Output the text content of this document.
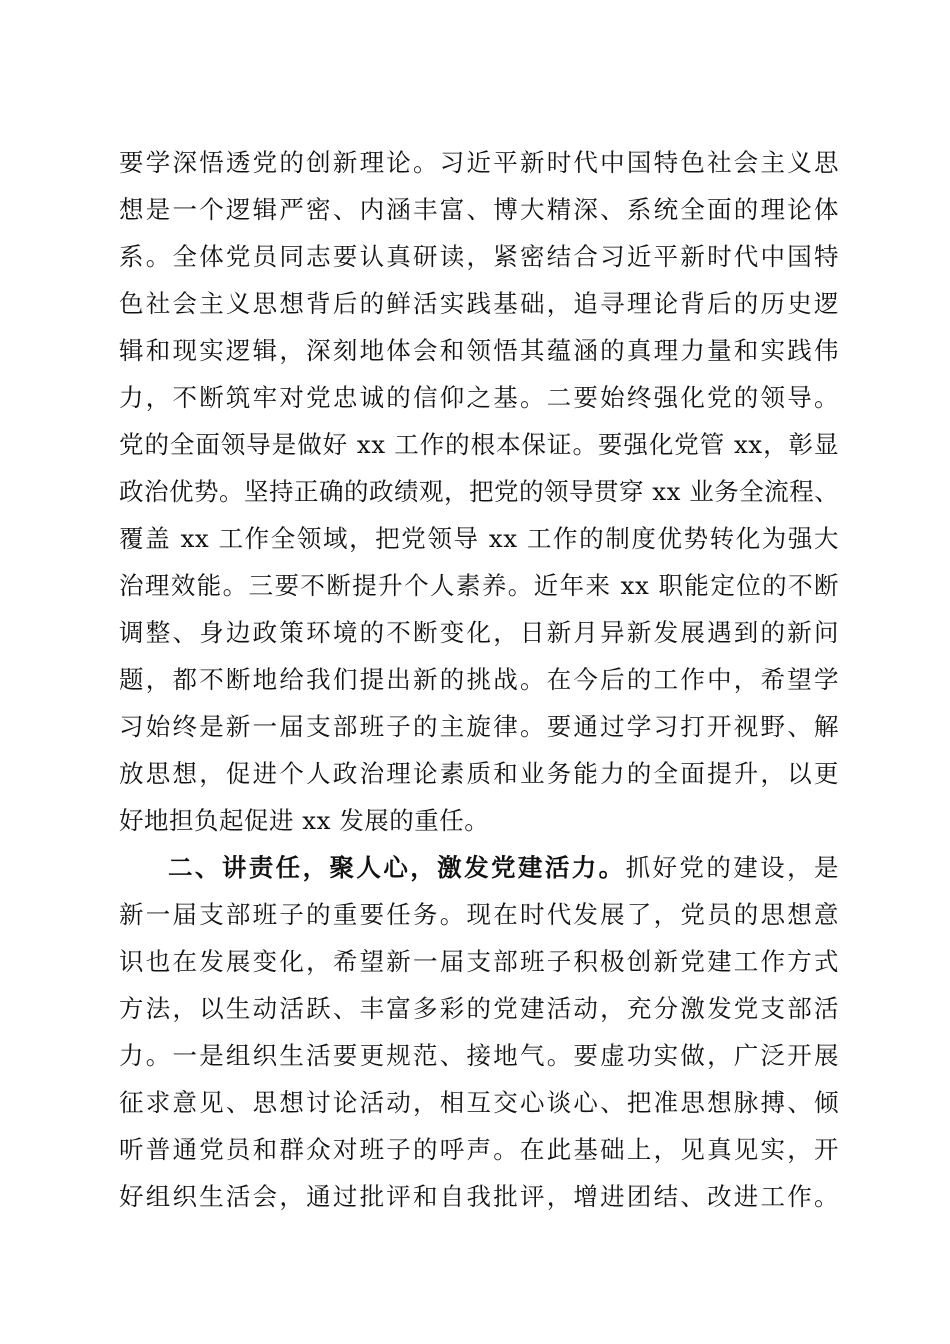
要学深悟透党的创新理论。习近平新时代中国特色社会主义思
想是一个逻辑严密、内涵丰富、博大精深、系统全面的理论体
系。全体党员同志要认真研读，紧密结合习近平新时代中国特
色社会主义思想背后的鲜活实践基础，追寻理论背后的历史逻
辑和现实逻辑，深刻地体会和领悟其蕴涵的真理力量和实践伟
力，不断筑牢对党忠诚的信仰之基。二要始终强化党的领导。
党的全面领导是做好 xx 工作的根本保证。要强化党管 xx，彰显
政治优势。坚持正确的政绩观，把党的领导贯穿 xx 业务全流程、
覆盖 xx 工作全领域，把党领导 xx 工作的制度优势转化为强大
治理效能。三要不断提升个人素养。近年来 xx 职能定位的不断
调整、身边政策环境的不断变化，日新月异新发展遇到的新问
题，都不断地给我们提出新的挑战。在今后的工作中，希望学
习始终是新一届支部班子的主旋律。要通过学习打开视野、解
放思想，促进个人政治理论素质和业务能力的全面提升，以更
好地担负起促进 xx 发展的重任。
二、讲责任，聚人心，激发党建活力。抓好党的建设，是
新一届支部班子的重要任务。现在时代发展了，党员的思想意
识也在发展变化，希望新一届支部班子积极创新党建工作方式
方法，以生动活跃、丰富多彩的党建活动，充分激发党支部活
力。一是组织生活要更规范、接地气。要虚功实做，广泛开展
征求意见、思想讨论活动，相互交心谈心、把准思想脉搏、倾
听普通党员和群众对班子的呼声。在此基础上，见真见实，开
好组织生活会，通过批评和自我批评，增进团结、改进工作。
